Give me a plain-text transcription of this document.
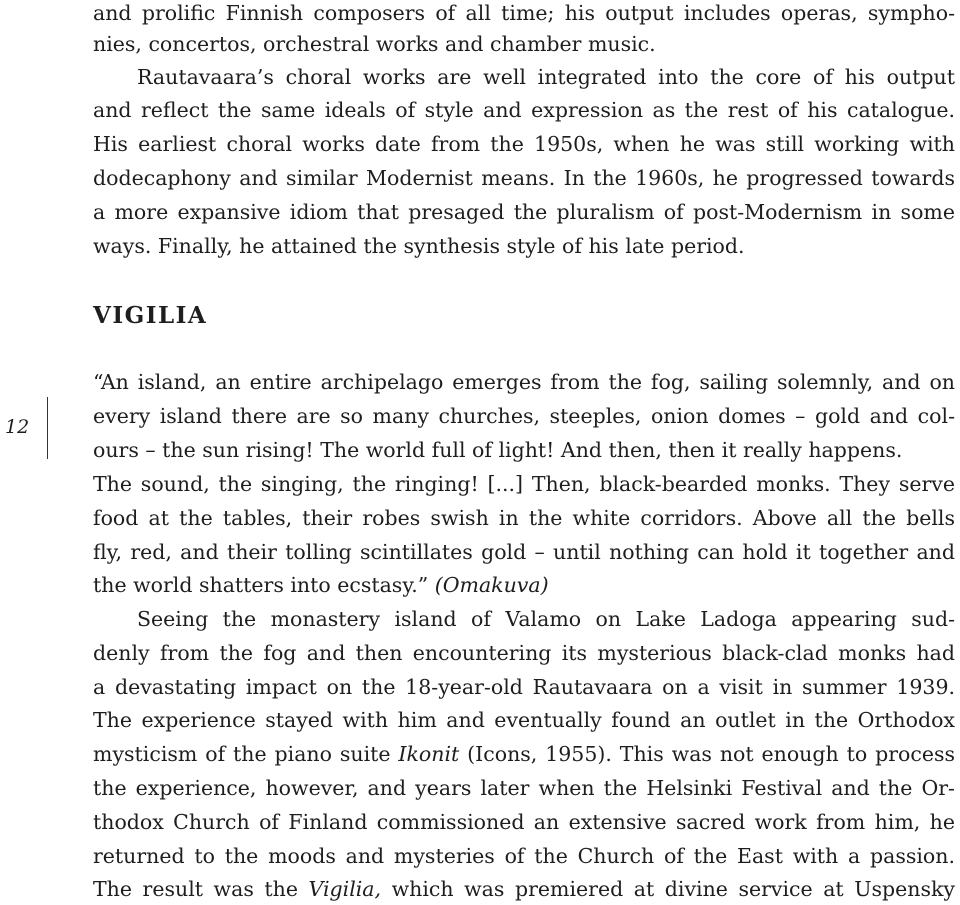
and prolific Finnish composers of all time; his output includes operas, sympho-
nies, concertos, orchestral works and chamber music.
Rautavaara’s choral works are well integrated into the core of his output
and reflect the same ideals of style and expression as the rest of his catalogue.
His earliest choral works date from the 1950s, when he was still working with
dodecaphony and similar Modernist means. In the 1960s, he progressed towards
a more expansive idiom that presaged the pluralism of post-Modernism in some
ways. Finally, he attained the synthesis style of his late period.
VIGILIA
12
“An island, an entire archipelago emerges from the fog, sailing solemnly, and on
every island there are so many churches, steeples, onion domes – gold and col-
ours – the sun rising! The world full of light! And then, then it really happens.
The sound, the singing, the ringing! [...] Then, black-bearded monks. They serve
food at the tables, their robes swish in the white corridors. Above all the bells
fly, red, and their tolling scintillates gold – until nothing can hold it together and
the world shatters into ecstasy.” (Omakuva)
Seeing the monastery island of Valamo on Lake Ladoga appearing sud-
denly from the fog and then encountering its mysterious black-clad monks had
a devastating impact on the 18-year-old Rautavaara on a visit in summer 1939.
The experience stayed with him and eventually found an outlet in the Orthodox
mysticism of the piano suite Ikonit (Icons, 1955). This was not enough to process
the experience, however, and years later when the Helsinki Festival and the Or-
thodox Church of Finland commissioned an extensive sacred work from him, he
returned to the moods and mysteries of the Church of the East with a passion.
The result was the Vigilia, which was premiered at divine service at Uspensky
